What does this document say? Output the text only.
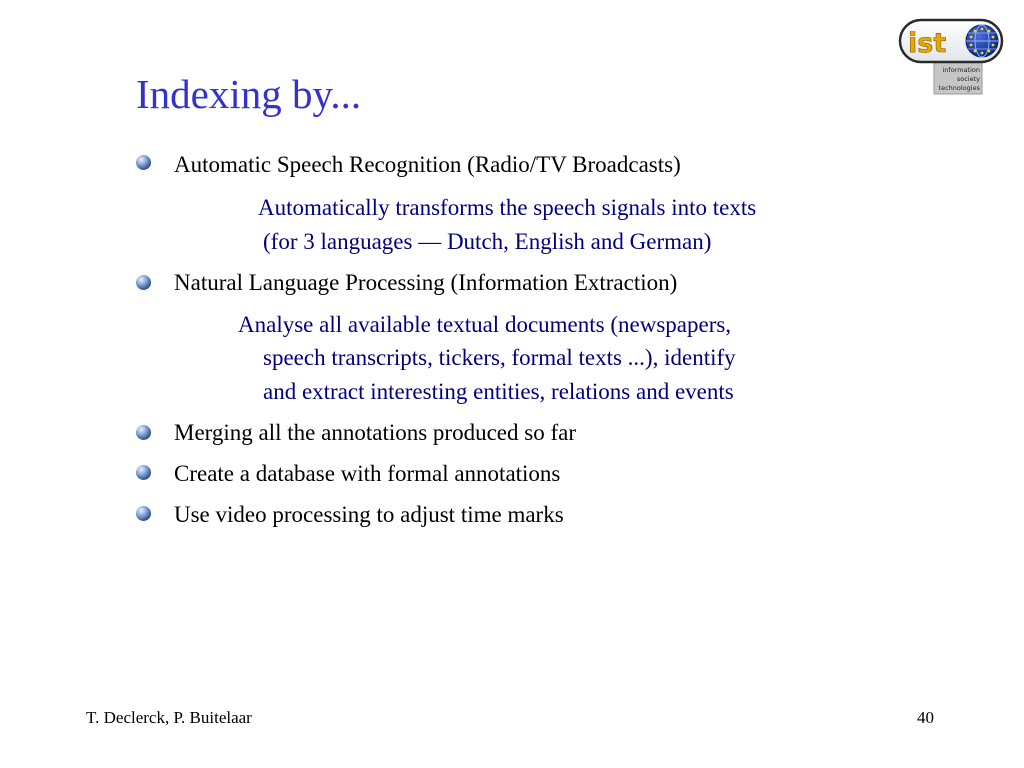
ist
information
society
technologies
Indexing by...
Automatic Speech Recognition (Radio/TV Broadcasts)
Automatically transforms the speech signals into texts
(for 3 languages — Dutch, English and German)
Natural Language Processing (Information Extraction)
Analyse all available textual documents (newspapers,
speech transcripts, tickers, formal texts ...), identify
and extract interesting entities, relations and events
Merging all the annotations produced so far
Create a database with formal annotations
Use video processing to adjust time marks
T. Declerck, P. Buitelaar	40
